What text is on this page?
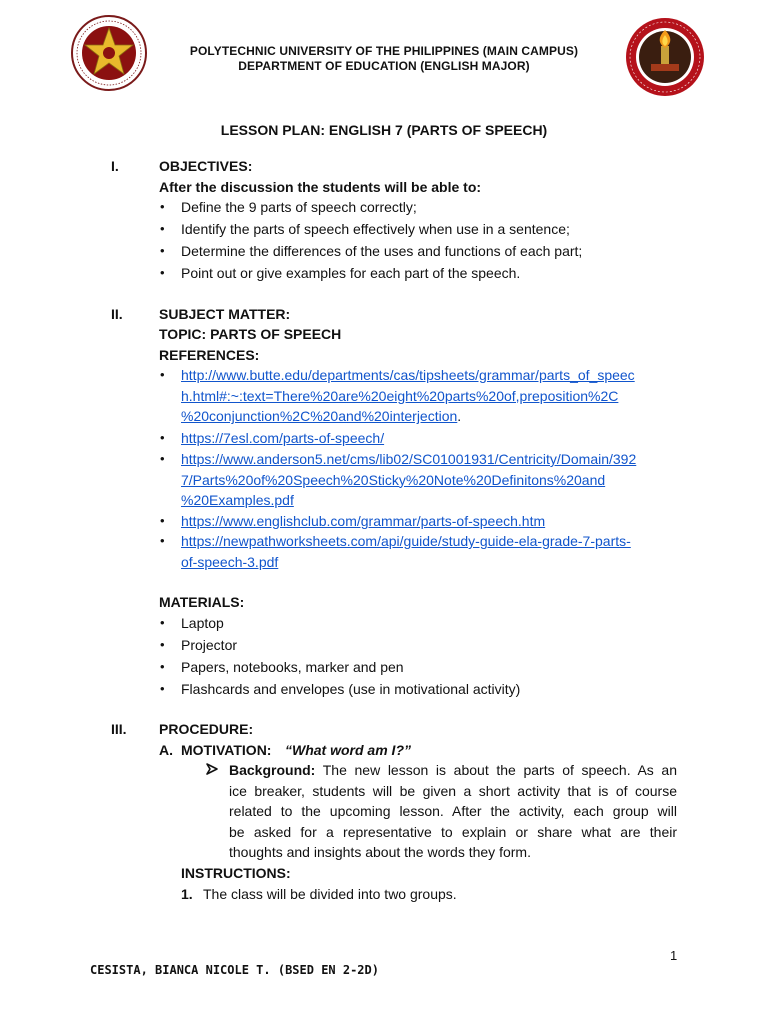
POLYTECHNIC UNIVERSITY OF THE PHILIPPINES (MAIN CAMPUS)
DEPARTMENT OF EDUCATION (ENGLISH MAJOR)
LESSON PLAN: ENGLISH 7 (PARTS OF SPEECH)
I.	OBJECTIVES:
After the discussion the students will be able to:
• Define the 9 parts of speech correctly;
• Identify the parts of speech effectively when use in a sentence;
• Determine the differences of the uses and functions of each part;
• Point out or give examples for each part of the speech.
II.	SUBJECT MATTER:
TOPIC: PARTS OF SPEECH
REFERENCES:
• http://www.butte.edu/departments/cas/tipsheets/grammar/parts_of_speec
h.html#:~:text=There%20are%20eight%20parts%20of,preposition%2C
%20conjunction%2C%20and%20interjection.
• https://7esl.com/parts-of-speech/
• https://www.anderson5.net/cms/lib02/SC01001931/Centricity/Domain/392
7/Parts%20of%20Speech%20Sticky%20Note%20Definitons%20and
%20Examples.pdf
• https://www.englishclub.com/grammar/parts-of-speech.htm
• https://newpathworksheets.com/api/guide/study-guide-ela-grade-7-parts-
of-speech-3.pdf
MATERIALS:
• Laptop
• Projector
• Papers, notebooks, marker and pen
• Flashcards and envelopes (use in motivational activity)
III. PROCEDURE:
A. MOTIVATION: “What word am I?”
Background: The new lesson is about the parts of speech. As an
ice breaker, students will be given a short activity that is of course
related to the upcoming lesson. After the activity, each group will
be asked for a representative to explain or share what are their
thoughts and insights about the words they form.
INSTRUCTIONS:
1. The class will be divided into two groups.
1
CESISTA, BIANCA NICOLE T. (BSED EN 2-2D)
